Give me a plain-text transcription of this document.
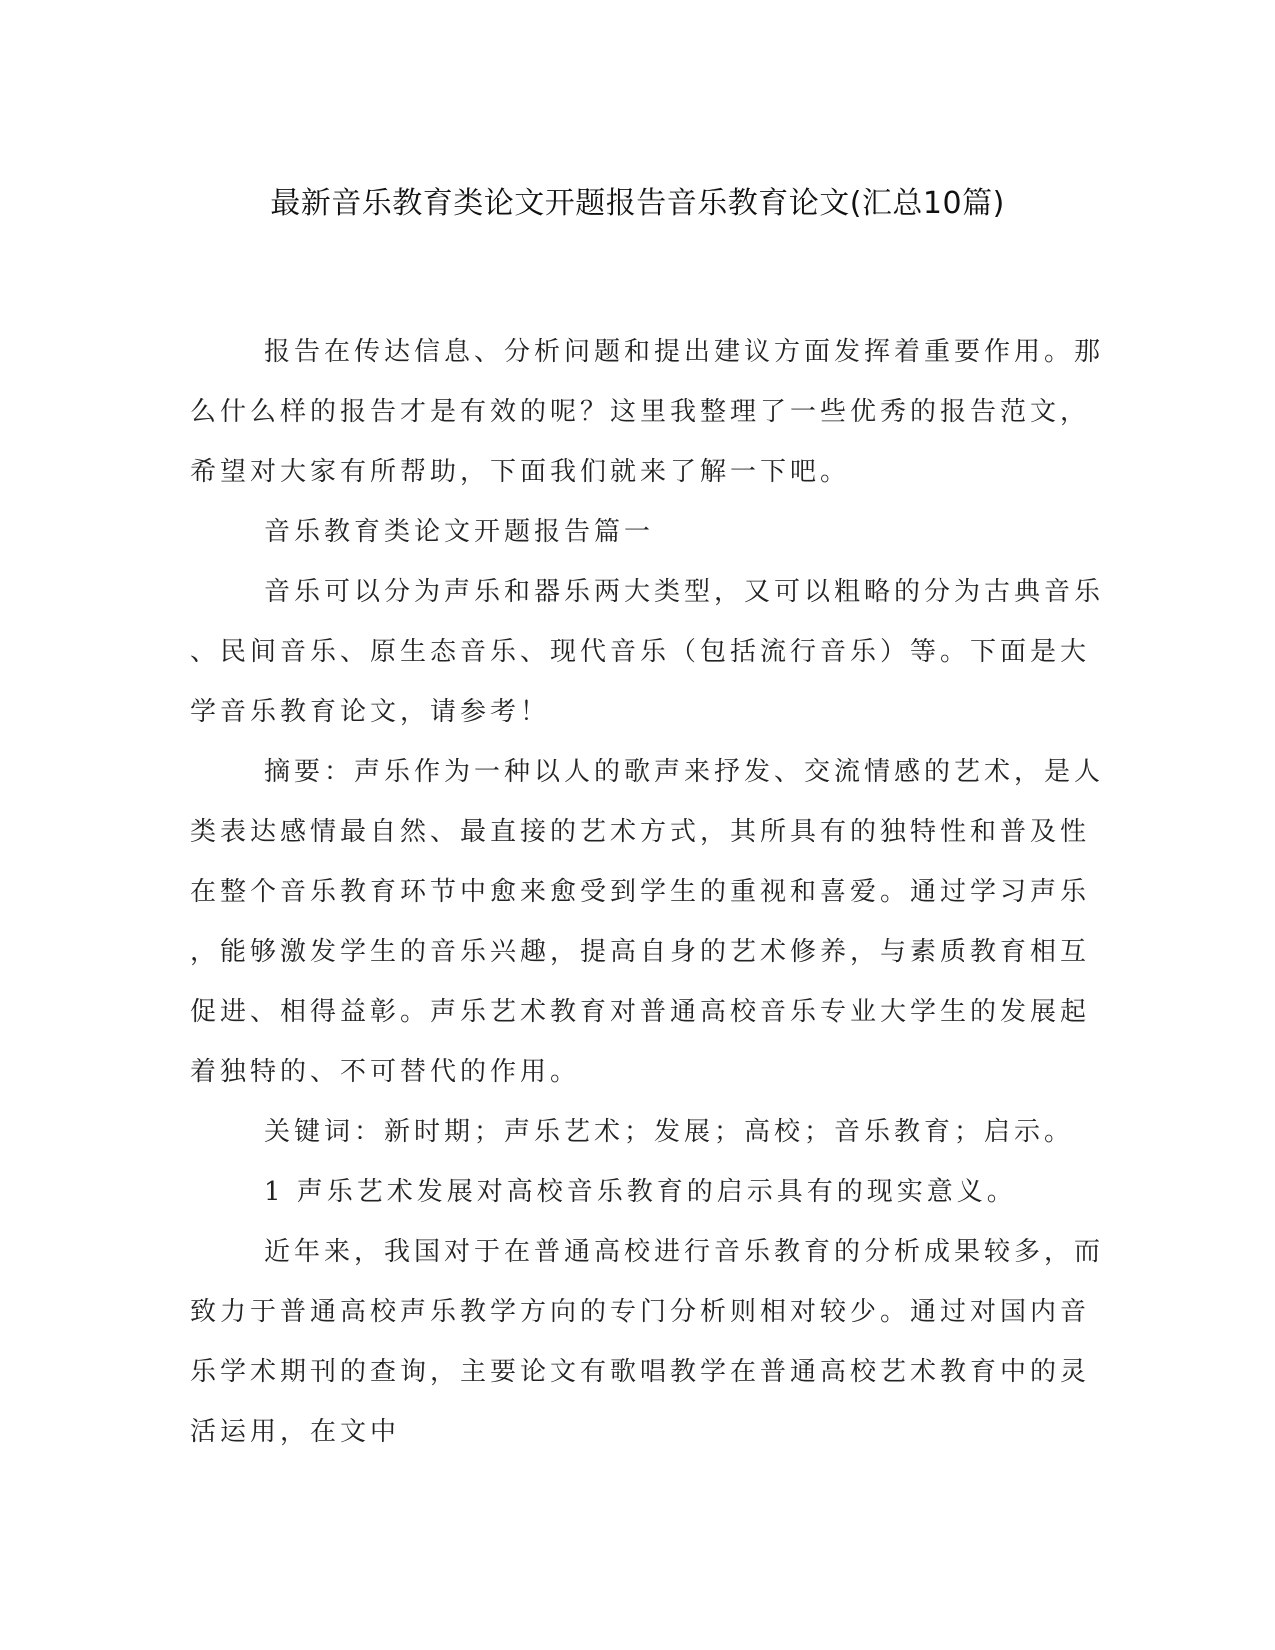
最新音乐教育类论文开题报告音乐教育论文(汇总10篇)
报告在传达信息、分析问题和提出建议方面发挥着重要作用。那
么什么样的报告才是有效的呢？这里我整理了一些优秀的报告范文，
希望对大家有所帮助，下面我们就来了解一下吧。
音乐教育类论文开题报告篇一
音乐可以分为声乐和器乐两大类型，又可以粗略的分为古典音乐
、民间音乐、原生态音乐、现代音乐（包括流行音乐）等。下面是大
学音乐教育论文，请参考！
摘要：声乐作为一种以人的歌声来抒发、交流情感的艺术，是人
类表达感情最自然、最直接的艺术方式，其所具有的独特性和普及性
在整个音乐教育环节中愈来愈受到学生的重视和喜爱。通过学习声乐
，能够激发学生的音乐兴趣，提高自身的艺术修养，与素质教育相互
促进、相得益彰。声乐艺术教育对普通高校音乐专业大学生的发展起
着独特的、不可替代的作用。
关键词：新时期；声乐艺术；发展；高校；音乐教育；启示。
1 声乐艺术发展对高校音乐教育的启示具有的现实意义。
近年来，我国对于在普通高校进行音乐教育的分析成果较多，而
致力于普通高校声乐教学方向的专门分析则相对较少。通过对国内音
乐学术期刊的查询，主要论文有歌唱教学在普通高校艺术教育中的灵
活运用，在文中
